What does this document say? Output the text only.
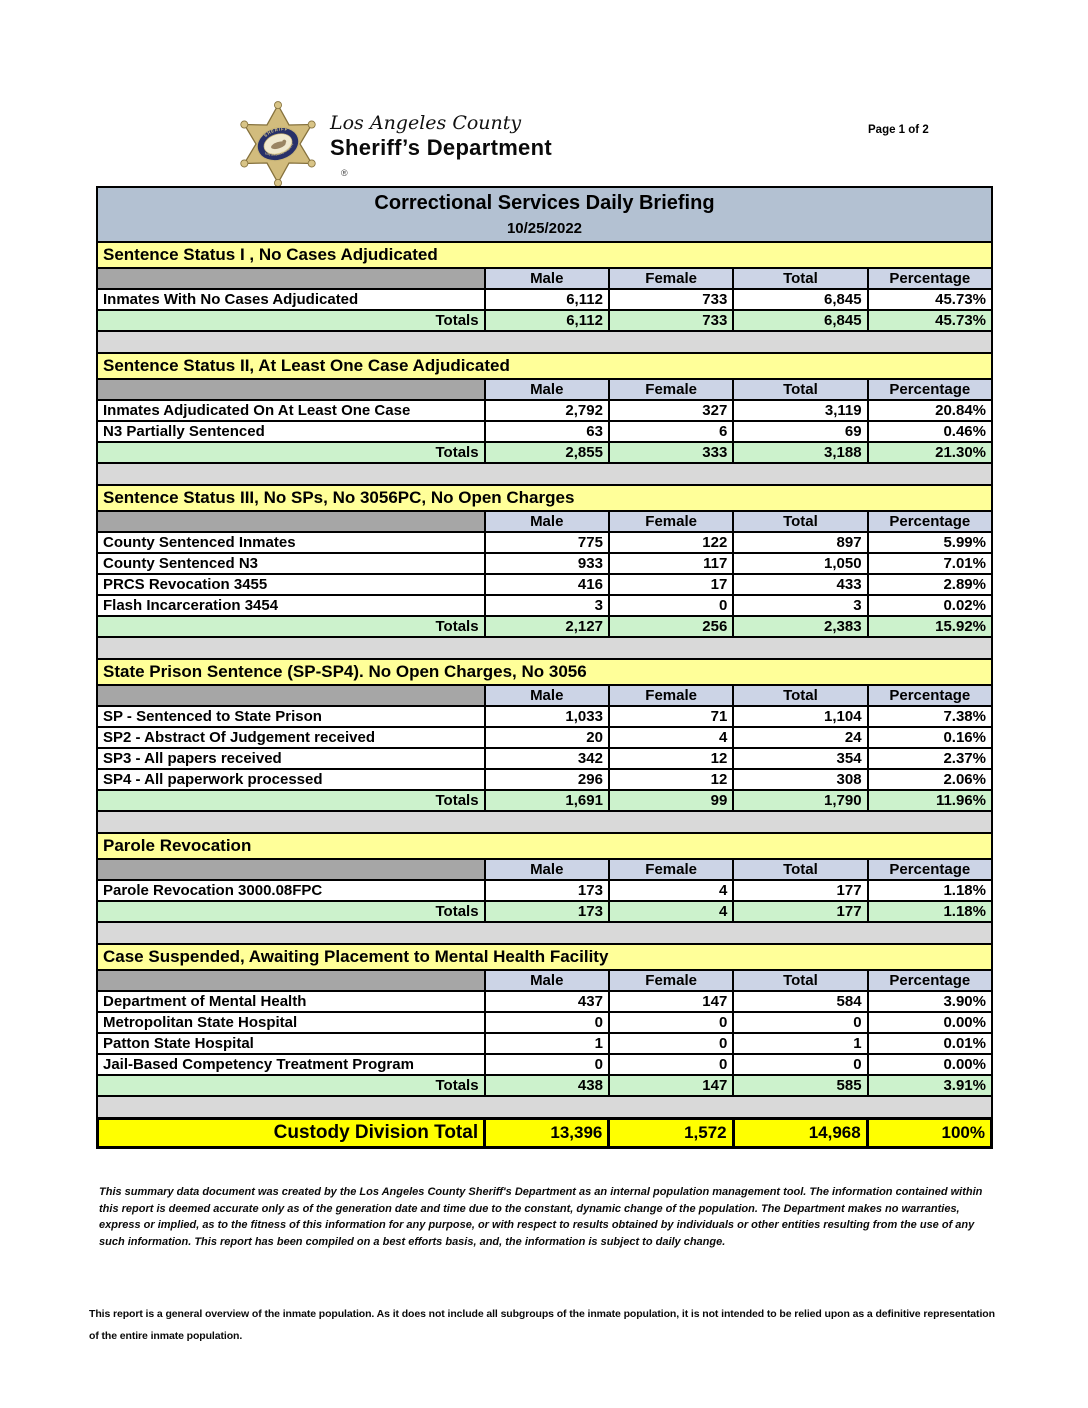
SHERIFF
LOS ANGELES COUNTY
®
Los Angeles County
Sheriff’s Department
Page 1 of 2
Correctional Services Daily Briefing
10/25/2022
Sentence Status I , No Cases Adjudicated
	Male	Female	Total	Percentage
Inmates With No Cases Adjudicated	6,112	733	6,845	45.73%
Totals	6,112	733	6,845	45.73%
Sentence Status II, At Least One Case Adjudicated
	Male	Female	Total	Percentage
Inmates Adjudicated On At Least One Case	2,792	327	3,119	20.84%
N3 Partially Sentenced	63	6	69	0.46%
Totals	2,855	333	3,188	21.30%
Sentence Status III, No SPs, No 3056PC, No Open Charges
	Male	Female	Total	Percentage
County Sentenced Inmates	775	122	897	5.99%
County Sentenced N3	933	117	1,050	7.01%
PRCS Revocation 3455	416	17	433	2.89%
Flash Incarceration 3454	3	0	3	0.02%
Totals	2,127	256	2,383	15.92%
State Prison Sentence (SP-SP4). No Open Charges, No 3056
	Male	Female	Total	Percentage
SP - Sentenced to State Prison	1,033	71	1,104	7.38%
SP2 - Abstract Of Judgement received	20	4	24	0.16%
SP3 - All papers received	342	12	354	2.37%
SP4 - All paperwork processed	296	12	308	2.06%
Totals	1,691	99	1,790	11.96%
Parole Revocation
	Male	Female	Total	Percentage
Parole Revocation 3000.08FPC	173	4	177	1.18%
Totals	173	4	177	1.18%
Case Suspended, Awaiting Placement to Mental Health Facility
	Male	Female	Total	Percentage
Department of Mental Health	437	147	584	3.90%
Metropolitan State Hospital	0	0	0	0.00%
Patton State Hospital	1	0	1	0.01%
Jail-Based Competency Treatment Program	0	0	0	0.00%
Totals	438	147	585	3.91%
Custody Division Total	13,396	1,572	14,968	100%

This summary data document was created by the Los Angeles County Sheriff's Department as an internal population management tool. The information contained within this report is deemed accurate only as of the generation date and time due to the constant, dynamic change of the population. The Department makes no warranties, express or implied, as to the fitness of this information for any purpose, or with respect to results obtained by individuals or other entities resulting from the use of any such information. This report has been compiled on a best efforts basis, and, the information is subject to daily change.

This report is a general overview of the inmate population. As it does not include all subgroups of the inmate population, it is not intended to be relied upon as a definitive representation of the entire inmate population.
